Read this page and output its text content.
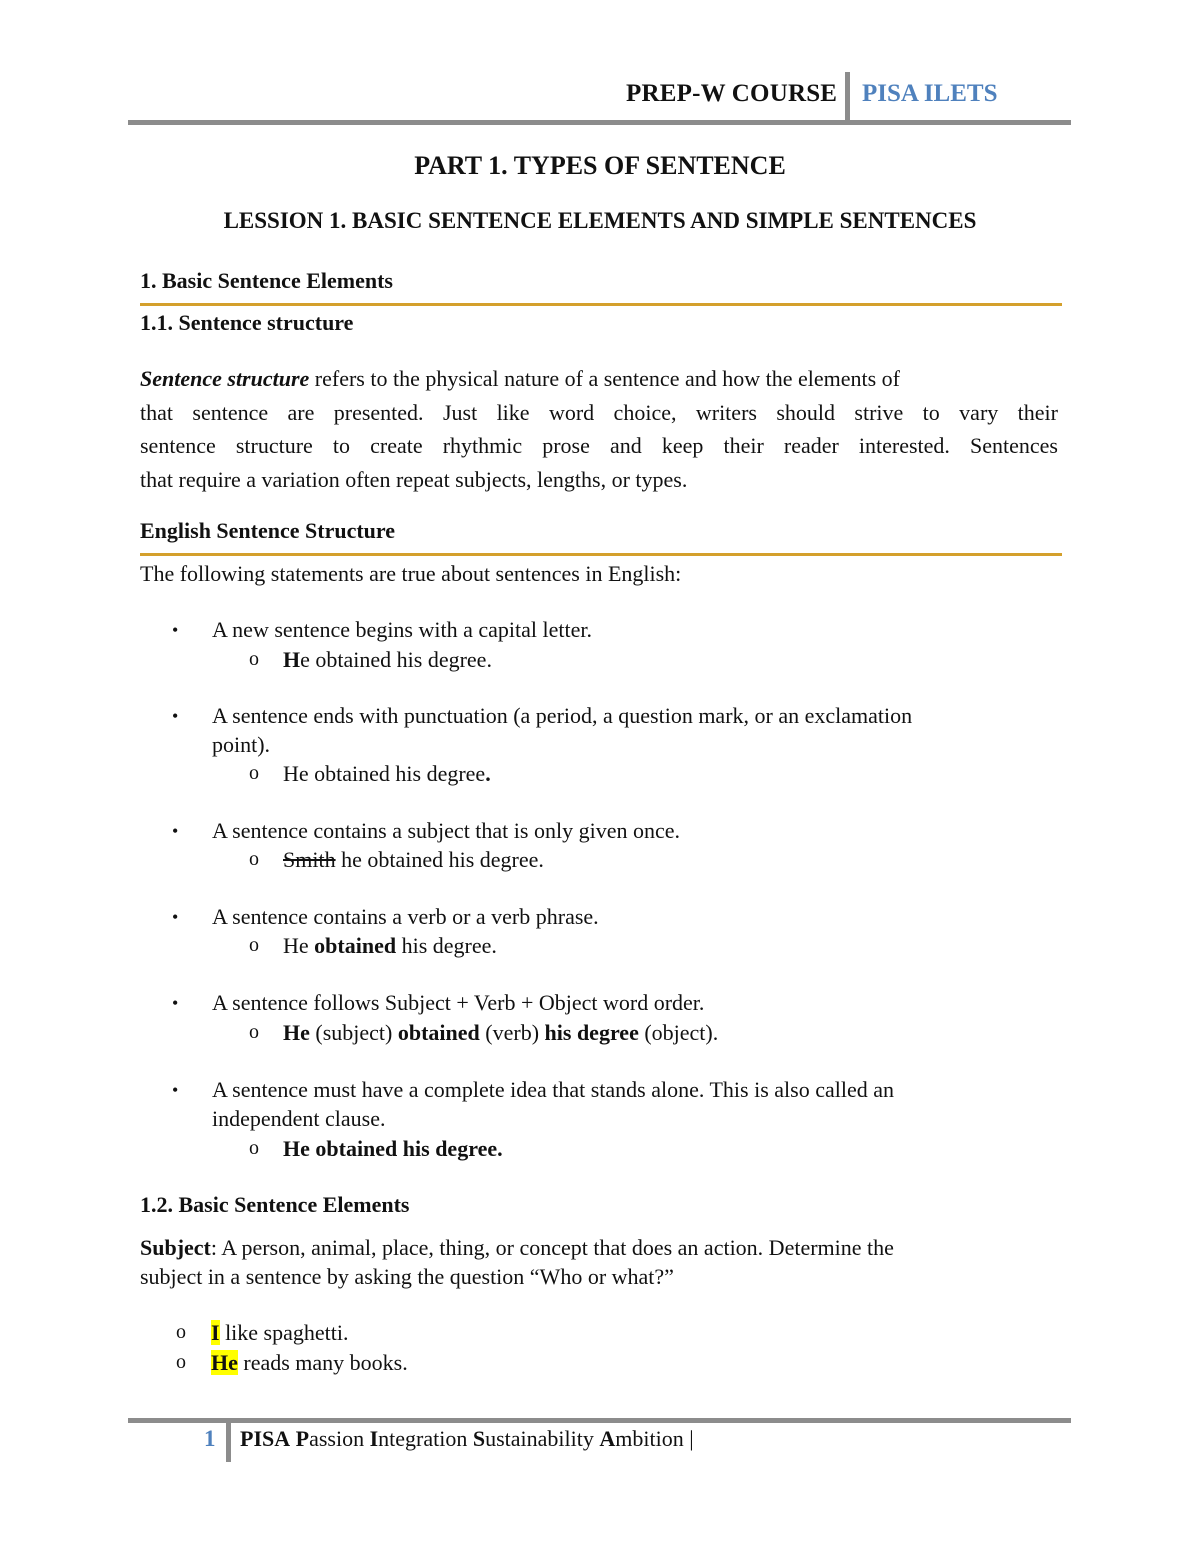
PREP-W COURSE PISA ILETS
PART 1. TYPES OF SENTENCE
LESSION 1. BASIC SENTENCE ELEMENTS AND SIMPLE SENTENCES
1. Basic Sentence Elements
1.1. Sentence structure
Sentence structure refers to the physical nature of a sentence and how the elements of
that sentence are presented. Just like word choice, writers should strive to vary their
sentence structure to create rhythmic prose and keep their reader interested. Sentences
that require a variation often repeat subjects, lengths, or types.
English Sentence Structure
The following statements are true about sentences in English:
• A new sentence begins with a capital letter.
o He obtained his degree.
• A sentence ends with punctuation (a period, a question mark, or an exclamation
point).
o He obtained his degree.
• A sentence contains a subject that is only given once.
o Smith he obtained his degree.
• A sentence contains a verb or a verb phrase.
o He obtained his degree.
• A sentence follows Subject + Verb + Object word order.
o He (subject) obtained (verb) his degree (object).
• A sentence must have a complete idea that stands alone. This is also called an
independent clause.
o He obtained his degree.
1.2. Basic Sentence Elements
Subject: A person, animal, place, thing, or concept that does an action. Determine the
subject in a sentence by asking the question “Who or what?”
o I like spaghetti.
o He reads many books.
1 PISA Passion Integration Sustainability Ambition |
